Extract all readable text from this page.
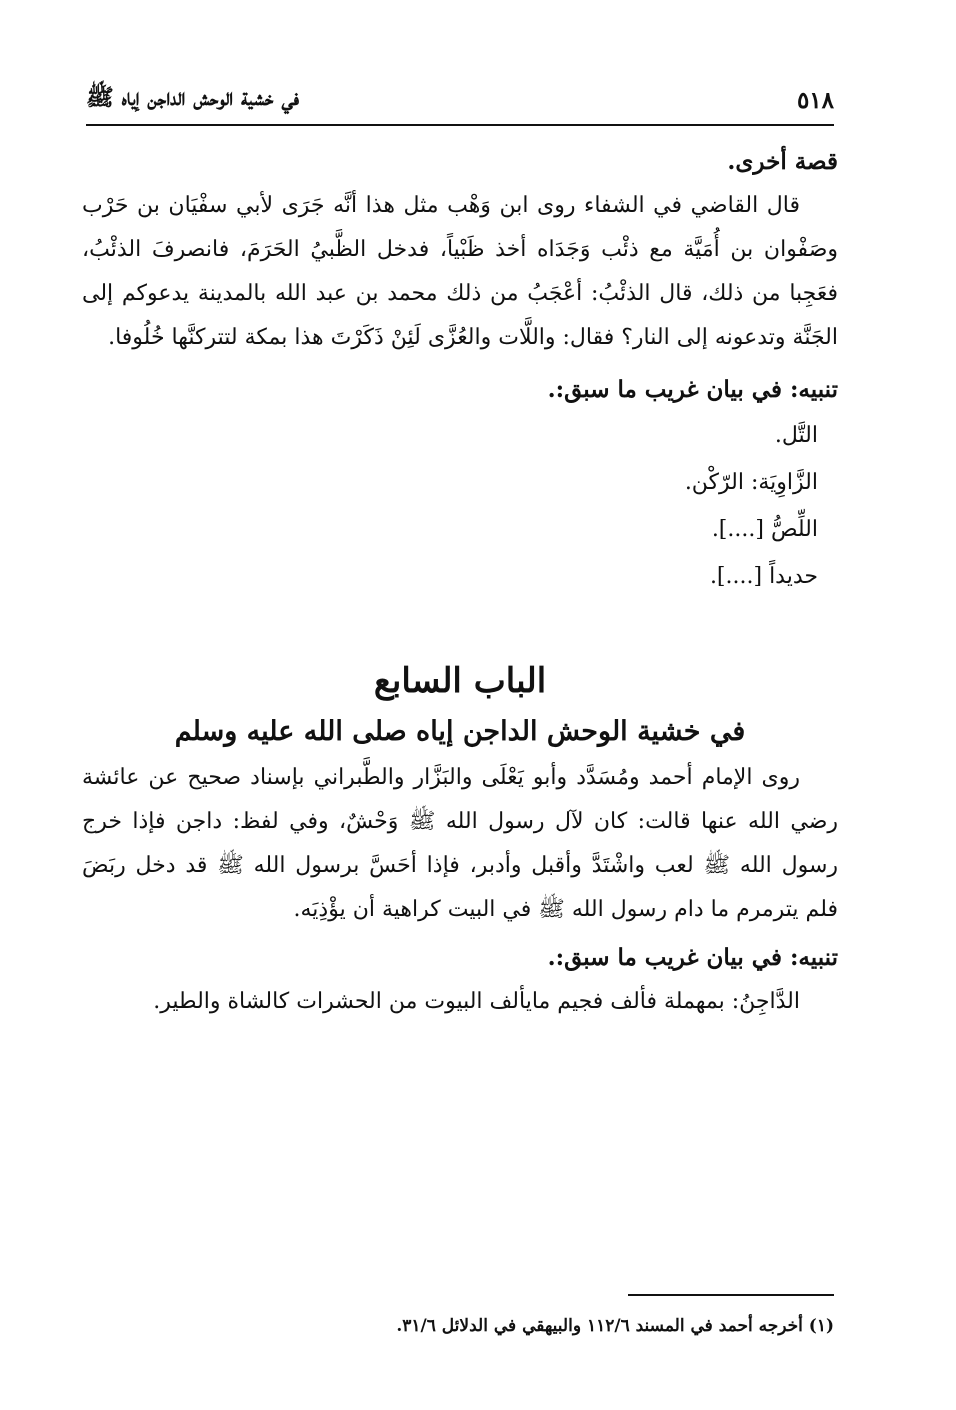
٥١٨
في خشية الوحش الداجن إياه ﷺ

قصة أخرى.

قال القاضي في الشفاء روى ابن وَهْب مثل هذا أنَّه جَرَى لأبي سفْيَان بن حَرْب وصَفْوان بن أُمَيَّة مع ذئْب وَجَدَاه أخذ ظَبْياً، فدخل الظَّبيُ الحَرَمَ، فانصرفَ الذئْبُ، فعَجِبا من ذلك، قال الذئْبُ: أعْجَبُ من ذلك محمد بن عبد الله بالمدينة يدعوكم إلى الجَنَّة وتدعونه إلى النار؟ فقال: واللَّات والعُزَّى لَئِنْ ذَكَرْتَ هذا بمكة لتتركنَّها خُلُوفا.

تنبيه: في بيان غريب ما سبق:.

التَّل.

الزَّاوِيَة: الرّكْن.

اللِّصُّ [....].

حديداً [....].

الباب السابع

في خشية الوحش الداجن إياه صلى الله عليه وسلم

روى الإمام أحمد ومُسَدَّد وأبو يَعْلَى والبَزَّار والطَّبراني بإسناد صحيح عن عائشة رضي الله عنها قالت: كان لآل رسول الله ﷺ وَحْشٌ، وفي لفظ: داجن فإذا خرج رسول الله ﷺ لعب واشْتَدَّ وأقبل وأدبر، فإذا أحَسَّ برسول الله ﷺ قد دخل ربَضَ فلم يترمرم ما دام رسول الله ﷺ في البيت كراهية أن يؤْذِيَه.

تنبيه: في بيان غريب ما سبق:.

الدَّاجِنُ: بمهملة فألف فجيم مايألف البيوت من الحشرات كالشاة والطير.

(١) أخرجه أحمد في المسند ١١٢/٦ والبيهقي في الدلائل ٣١/٦.
